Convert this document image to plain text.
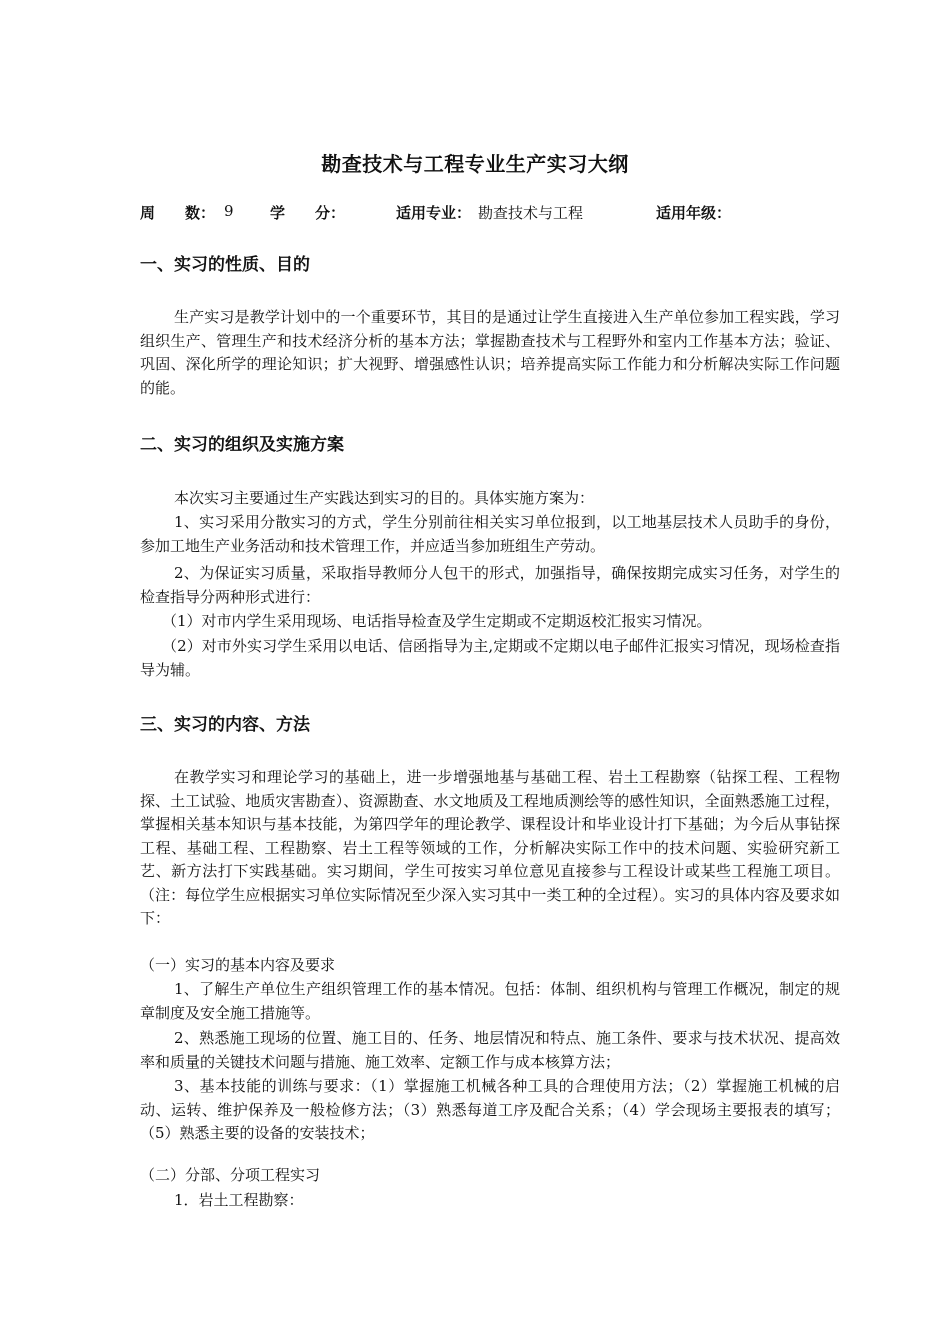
勘查技术与工程专业生产实习大纲
周　　数： 9 学　　分：	适用专业： 勘查技术与工程	适用年级：
一、实习的性质、目的
生产实习是教学计划中的一个重要环节，其目的是通过让学生直接进入生产单位参加工程实践，学习组织生产、管理生产和技术经济分析的基本方法；掌握勘查技术与工程野外和室内工作基本方法；验证、巩固、深化所学的理论知识；扩大视野、增强感性认识；培养提高实际工作能力和分析解决实际工作问题的能。
二、实习的组织及实施方案
本次实习主要通过生产实践达到实习的目的。具体实施方案为：
1、实习采用分散实习的方式，学生分别前往相关实习单位报到，以工地基层技术人员助手的身份，参加工地生产业务活动和技术管理工作，并应适当参加班组生产劳动。
2、为保证实习质量，采取指导教师分人包干的形式，加强指导，确保按期完成实习任务，对学生的检查指导分两种形式进行：
（1）对市内学生采用现场、电话指导检查及学生定期或不定期返校汇报实习情况。
（2）对市外实习学生采用以电话、信函指导为主,定期或不定期以电子邮件汇报实习情况，现场检查指导为辅。
三、实习的内容、方法
在教学实习和理论学习的基础上，进一步增强地基与基础工程、岩土工程勘察（钻探工程、工程物探、土工试验、地质灾害勘查）、资源勘查、水文地质及工程地质测绘等的感性知识，全面熟悉施工过程，掌握相关基本知识与基本技能，为第四学年的理论教学、课程设计和毕业设计打下基础；为今后从事钻探工程、基础工程、工程勘察、岩土工程等领域的工作，分析解决实际工作中的技术问题、实验研究新工艺、新方法打下实践基础。实习期间，学生可按实习单位意见直接参与工程设计或某些工程施工项目。（注：每位学生应根据实习单位实际情况至少深入实习其中一类工种的全过程）。实习的具体内容及要求如下：
（一）实习的基本内容及要求
1、了解生产单位生产组织管理工作的基本情况。包括：体制、组织机构与管理工作概况，制定的规章制度及安全施工措施等。
2、熟悉施工现场的位置、施工目的、任务、地层情况和特点、施工条件、要求与技术状况、提高效率和质量的关键技术问题与措施、施工效率、定额工作与成本核算方法；
3、基本技能的训练与要求：（1）掌握施工机械各种工具的合理使用方法；（2）掌握施工机械的启动、运转、维护保养及一般检修方法；（3）熟悉每道工序及配合关系；（4）学会现场主要报表的填写；（5）熟悉主要的设备的安装技术；
（二）分部、分项工程实习
1．岩土工程勘察：
